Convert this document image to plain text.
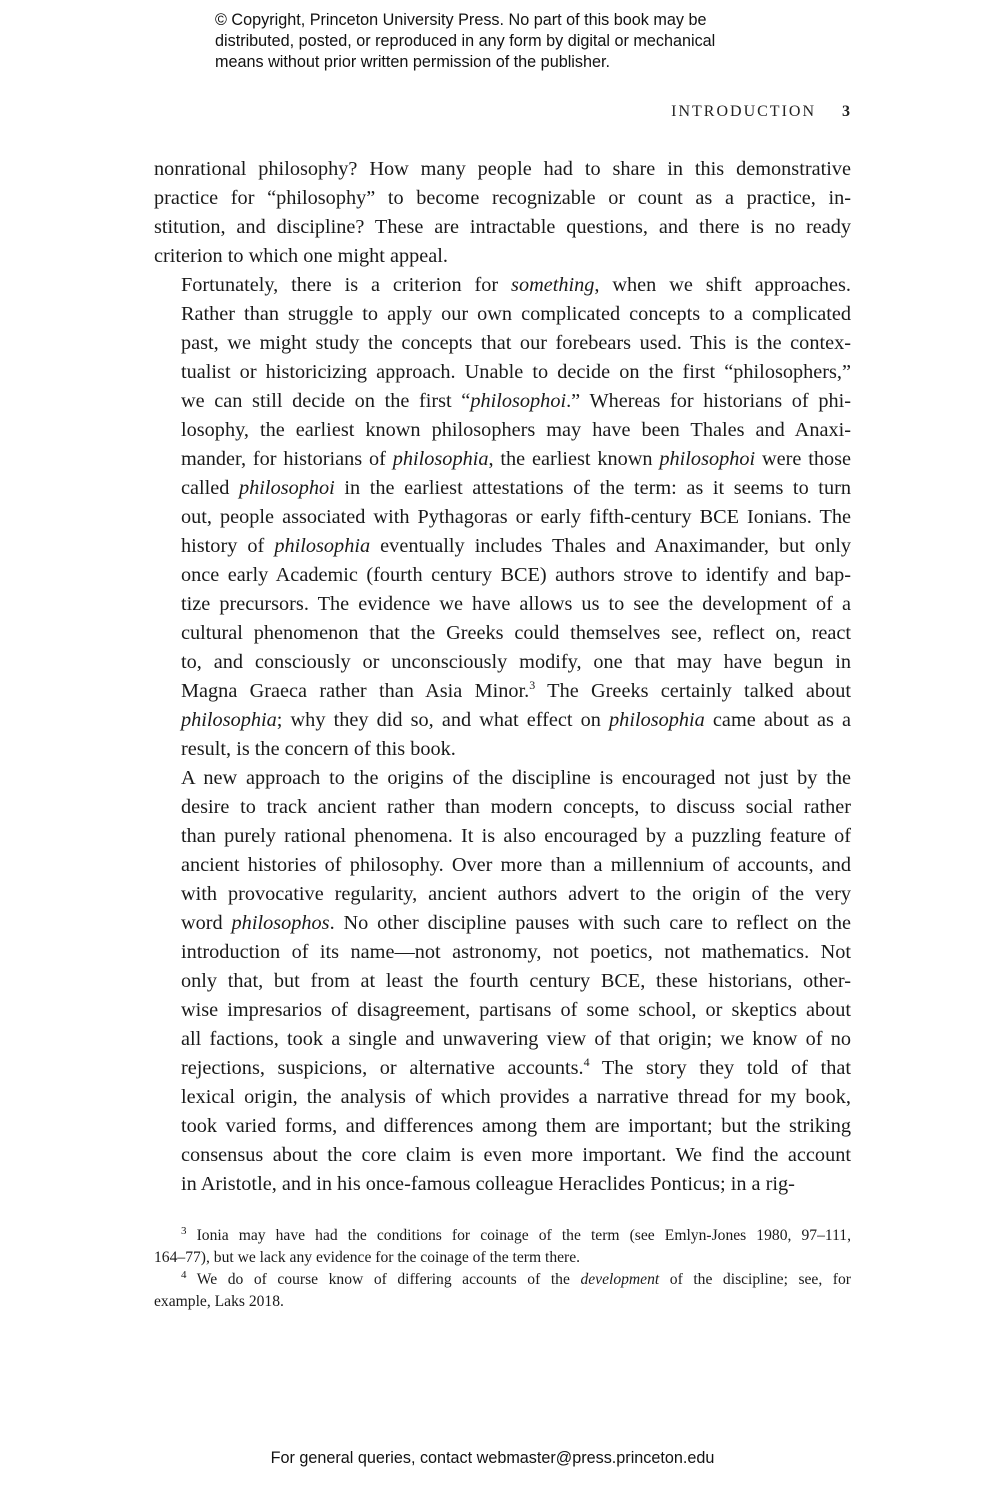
© Copyright, Princeton University Press. No part of this book may be
distributed, posted, or reproduced in any form by digital or mechanical
means without prior written permission of the publisher.
INTRODUCTION 3

nonrational philosophy? How many people had to share in this demonstrative
practice for “philosophy” to become recognizable or count as a practice, in-
stitution, and discipline? These are intractable questions, and there is no ready
criterion to which one might appeal.

Fortunately, there is a criterion for something, when we shift approaches.
Rather than struggle to apply our own complicated concepts to a complicated
past, we might study the concepts that our forebears used. This is the contex-
tualist or historicizing approach. Unable to decide on the first “philosophers,”
we can still decide on the first “philosophoi.” Whereas for historians of phi-
losophy, the earliest known philosophers may have been Thales and Anaxi-
mander, for historians of philosophia, the earliest known philosophoi were those
called philosophoi in the earliest attestations of the term: as it seems to turn
out, people associated with Pythagoras or early fifth-century BCE Ionians. The
history of philosophia eventually includes Thales and Anaximander, but only
once early Academic (fourth century BCE) authors strove to identify and bap-
tize precursors. The evidence we have allows us to see the development of a
cultural phenomenon that the Greeks could themselves see, reflect on, react
to, and consciously or unconsciously modify, one that may have begun in
Magna Graeca rather than Asia Minor.$^3$ The Greeks certainly talked about
philosophia; why they did so, and what effect on philosophia came about as a
result, is the concern of this book.

A new approach to the origins of the discipline is encouraged not just by the
desire to track ancient rather than modern concepts, to discuss social rather
than purely rational phenomena. It is also encouraged by a puzzling feature of
ancient histories of philosophy. Over more than a millennium of accounts, and
with provocative regularity, ancient authors advert to the origin of the very
word philosophos. No other discipline pauses with such care to reflect on the
introduction of its name—not astronomy, not poetics, not mathematics. Not
only that, but from at least the fourth century BCE, these historians, other-
wise impresarios of disagreement, partisans of some school, or skeptics about
all factions, took a single and unwavering view of that origin; we know of no
rejections, suspicions, or alternative accounts.$^4$ The story they told of that
lexical origin, the analysis of which provides a narrative thread for my book,
took varied forms, and differences among them are important; but the striking
consensus about the core claim is even more important. We find the account
in Aristotle, and in his once-famous colleague Heraclides Ponticus; in a rig-

$^3$ Ionia may have had the conditions for coinage of the term (see Emlyn-Jones 1980, 97–111,
164–77), but we lack any evidence for the coinage of the term there.
$^4$ We do of course know of differing accounts of the development of the discipline; see, for
example, Laks 2018.
For general queries, contact webmaster@press.princeton.edu
